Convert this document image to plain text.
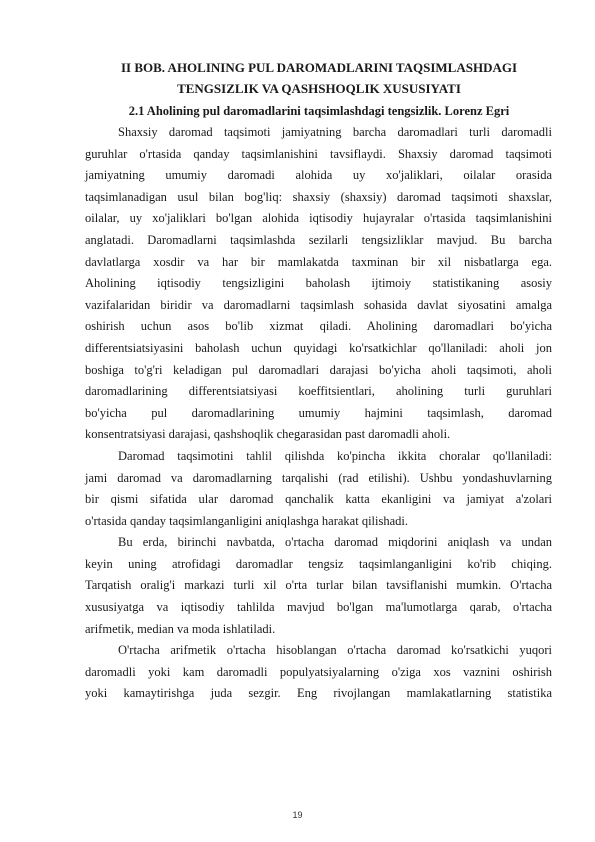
II BOB. AHOLINING PUL DAROMADLARINI TAQSIMLASHDAGI
TENGSIZLIK VA QASHSHOQLIK XUSUSIYATI
2.1 Aholining pul daromadlarini taqsimlashdagi tengsizlik. Lorenz Egri

Shaxsiy daromad taqsimoti jamiyatning barcha daromadlari turli daromadli
guruhlar o'rtasida qanday taqsimlanishini tavsiflaydi. Shaxsiy daromad taqsimoti
jamiyatning umumiy daromadi alohida uy xo'jaliklari, oilalar orasida
taqsimlanadigan usul bilan bog'liq: shaxsiy (shaxsiy) daromad taqsimoti shaxslar,
oilalar, uy xo'jaliklari bo'lgan alohida iqtisodiy hujayralar o'rtasida taqsimlanishini
anglatadi. Daromadlarni taqsimlashda sezilarli tengsizliklar mavjud. Bu barcha
davlatlarga xosdir va har bir mamlakatda taxminan bir xil nisbatlarga ega.
Aholining iqtisodiy tengsizligini baholash ijtimoiy statistikaning asosiy
vazifalaridan biridir va daromadlarni taqsimlash sohasida davlat siyosatini amalga
oshirish uchun asos bo'lib xizmat qiladi. Aholining daromadlari bo'yicha
differentsiatsiyasini baholash uchun quyidagi ko'rsatkichlar qo'llaniladi: aholi jon
boshiga to'g'ri keladigan pul daromadlari darajasi bo'yicha aholi taqsimoti, aholi
daromadlarining differentsiatsiyasi koeffitsientlari, aholining turli guruhlari
bo'yicha pul daromadlarining umumiy hajmini taqsimlash, daromad
konsentratsiyasi darajasi, qashshoqlik chegarasidan past daromadli aholi.

Daromad taqsimotini tahlil qilishda ko'pincha ikkita choralar qo'llaniladi:
jami daromad va daromadlarning tarqalishi (rad etilishi). Ushbu yondashuvlarning
bir qismi sifatida ular daromad qanchalik katta ekanligini va jamiyat a'zolari
o'rtasida qanday taqsimlanganligini aniqlashga harakat qilishadi.

Bu erda, birinchi navbatda, o'rtacha daromad miqdorini aniqlash va undan
keyin uning atrofidagi daromadlar tengsiz taqsimlanganligini ko'rib chiqing.
Tarqatish oralig'i markazi turli xil o'rta turlar bilan tavsiflanishi mumkin. O'rtacha
xususiyatga va iqtisodiy tahlilda mavjud bo'lgan ma'lumotlarga qarab, o'rtacha
arifmetik, median va moda ishlatiladi.

O'rtacha arifmetik o'rtacha hisoblangan o'rtacha daromad ko'rsatkichi yuqori
daromadli yoki kam daromadli populyatsiyalarning o'ziga xos vaznini oshirish
yoki kamaytirishga juda sezgir. Eng rivojlangan mamlakatlarning statistika

19
